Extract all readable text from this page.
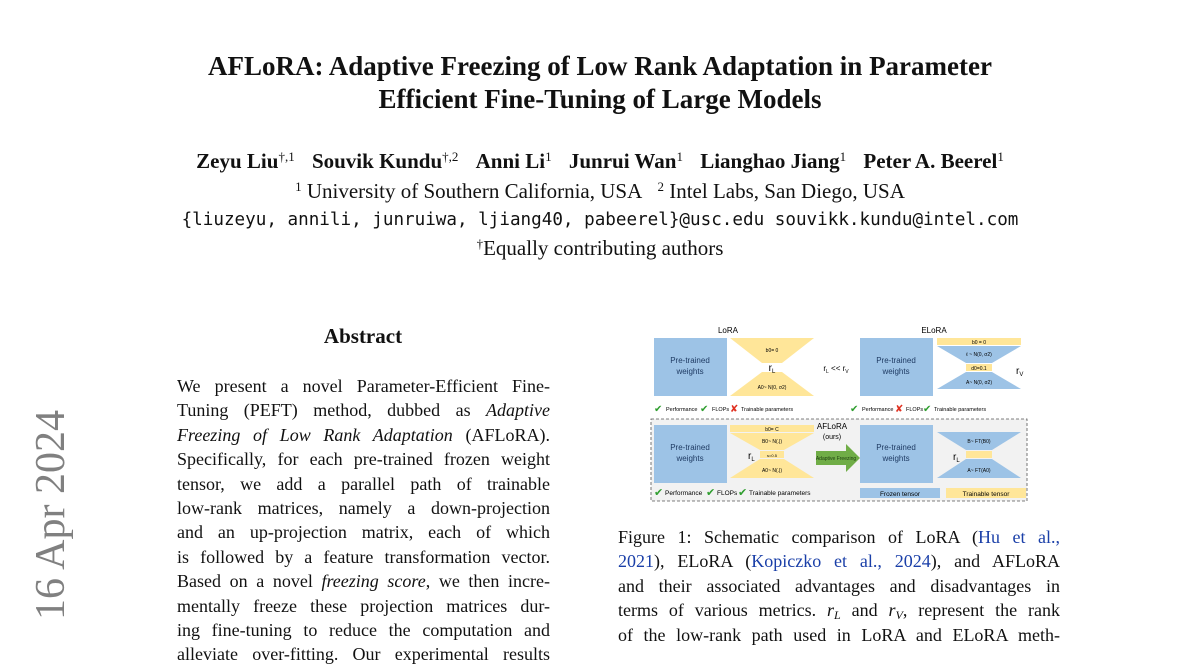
AFLoRA: Adaptive Freezing of Low Rank Adaptation in Parameter
Efficient Fine-Tuning of Large Models
Zeyu Liu$^{\dagger,1}$ Souvik Kundu$^{\dagger,2}$ Anni Li$^1$ Junrui Wan$^1$ Lianghao Jiang$^1$ Peter A. Beerel$^1$
$^1$ University of Southern California, USA $^2$ Intel Labs, San Diego, USA
{liuzeyu, annili, junruiwa, ljiang40, pabeerel}@usc.edu souvikk.kundu@intel.com
†Equally contributing authors
16 Apr 2024
Abstract
We present a novel Parameter-Efficient Fine-
Tuning (PEFT) method, dubbed as Adaptive
Freezing of Low Rank Adaptation (AFLoRA).
Specifically, for each pre-trained frozen weight
tensor, we add a parallel path of trainable
low-rank matrices, namely a down-projection
and an up-projection matrix, each of which
is followed by a feature transformation vector.
Based on a novel freezing score, we then incre-
mentally freeze these projection matrices dur-
ing fine-tuning to reduce the computation and
alleviate over-fitting. Our experimental results
LoRA
Pre-trained
weights
b0= 0
A0~ N(0, σ2)
$r_L$	$r_L << r_V$
ELoRA
Pre-trained
weights
b0 = 0
ℓ ~ N(0, σ2)
d0=0.1
A~ N(0, σ2)
$r_V$
✔ Performance ✔ FLOPs ✘ Trainable parameters	✔ Performance ✘ FLOPs ✔ Trainable parameters
Pre-trained
weights
b0= C
B0~ N(.|)
s=0.5
A0~ N(.|)
$r_L$
AFLoRA
(ours)
Adaptive Freezing
Pre-trained
weights
B~ FT(B0)
A~ FT(A0)
$r_L$
✔ Performance ✔ FLOPs ✔ Trainable parameters	Frozen tensor	Trainable tensor
Figure 1: Schematic comparison of LoRA (Hu et al.,
2021), ELoRA (Kopiczko et al., 2024), and AFLoRA
and their associated advantages and disadvantages in
terms of various metrics. rL and rV, represent the rank
of the low-rank path used in LoRA and ELoRA meth-
